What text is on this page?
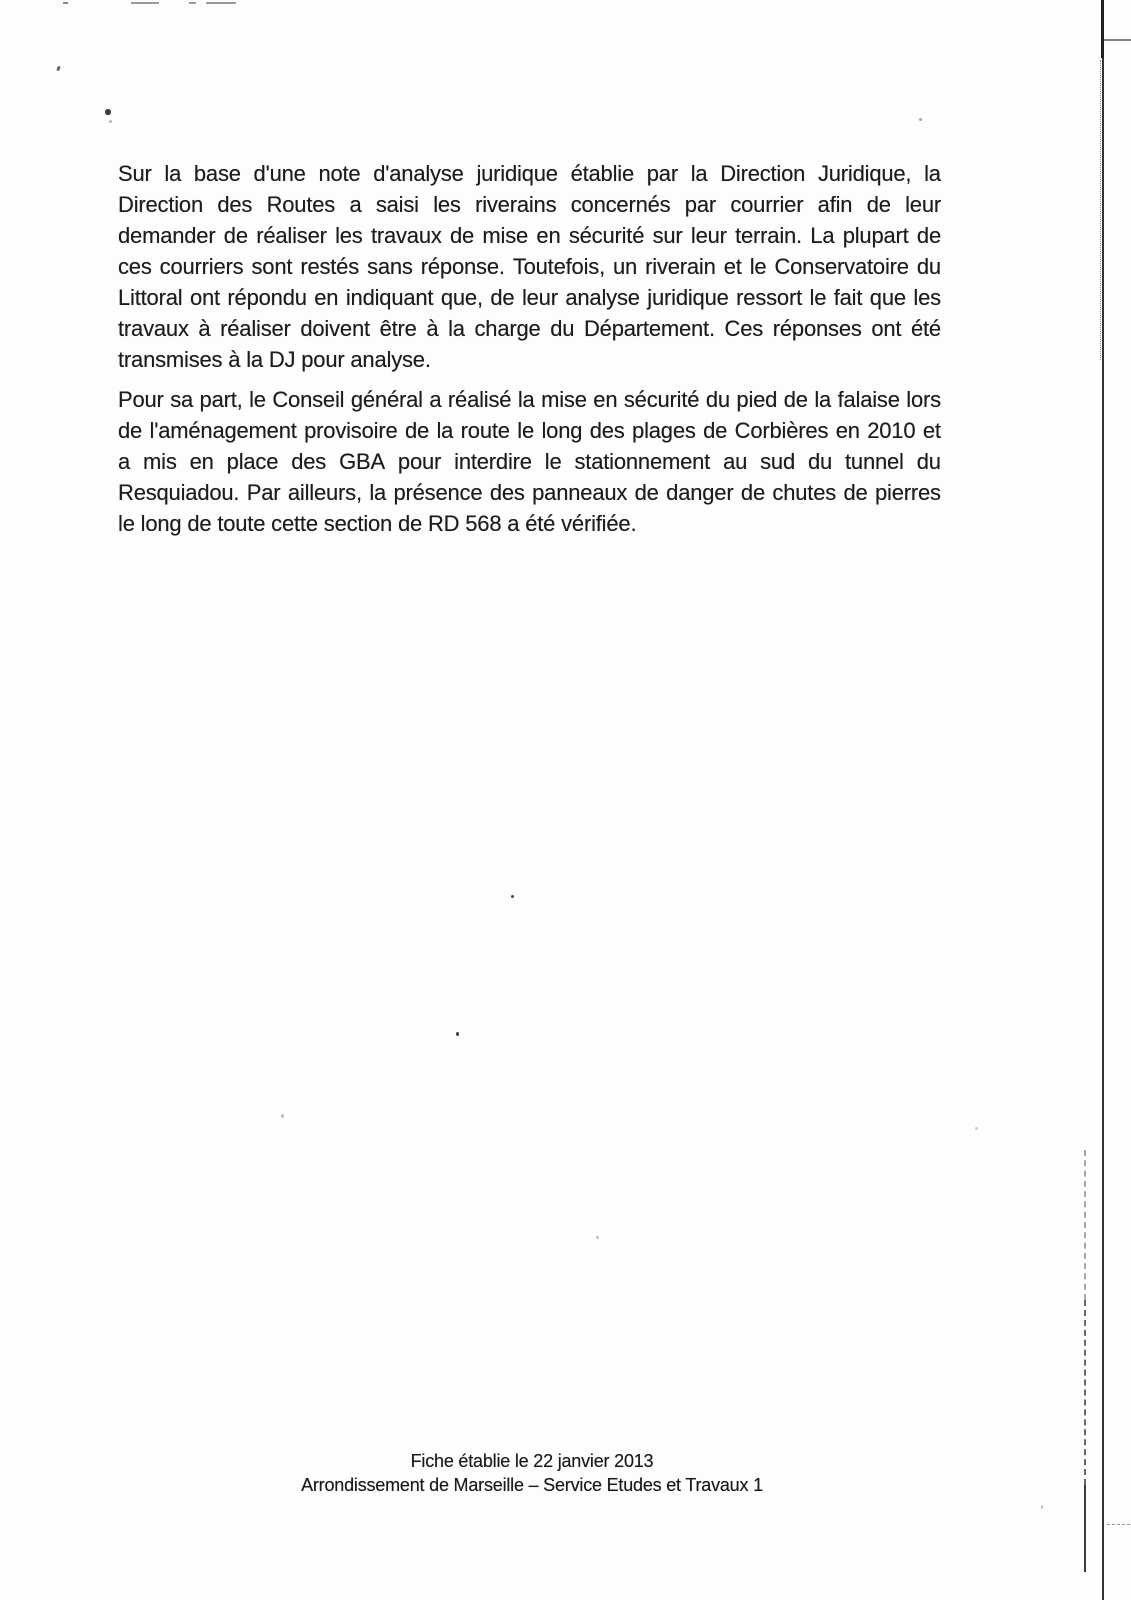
Sur la base d'une note d'analyse juridique établie par la Direction Juridique, la
Direction des Routes a saisi les riverains concernés par courrier afin de leur
demander de réaliser les travaux de mise en sécurité sur leur terrain. La plupart de
ces courriers sont restés sans réponse. Toutefois, un riverain et le Conservatoire du
Littoral ont répondu en indiquant que, de leur analyse juridique ressort le fait que les
travaux à réaliser doivent être à la charge du Département. Ces réponses ont été
transmises à la DJ pour analyse.
Pour sa part, le Conseil général a réalisé la mise en sécurité du pied de la falaise lors
de l'aménagement provisoire de la route le long des plages de Corbières en 2010 et
a mis en place des GBA pour interdire le stationnement au sud du tunnel du
Resquiadou. Par ailleurs, la présence des panneaux de danger de chutes de pierres
le long de toute cette section de RD 568 a été vérifiée.
Fiche établie le 22 janvier 2013
Arrondissement de Marseille – Service Etudes et Travaux 1
